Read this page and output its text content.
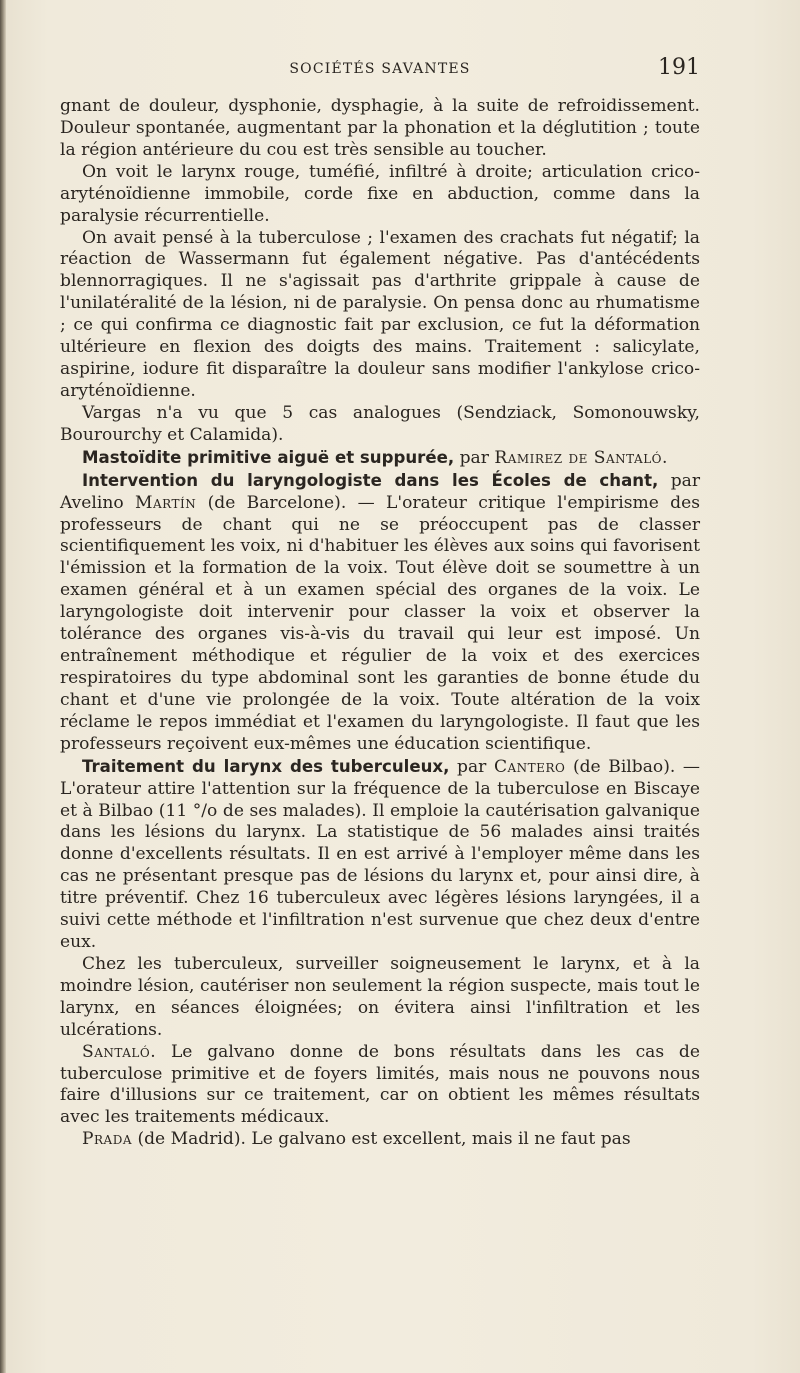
SOCIÉTÉS SAVANTES	191

gnant de douleur, dysphonie, dysphagie, à la suite de refroidissement. Douleur spontanée, augmentant par la phonation et la déglutition ; toute la région antérieure du cou est très sensible au toucher.

On voit le larynx rouge, tuméfié, infiltré à droite; articulation crico-aryténoïdienne immobile, corde fixe en abduction, comme dans la paralysie récurrentielle.

On avait pensé à la tuberculose ; l'examen des crachats fut négatif; la réaction de Wassermann fut également négative. Pas d'antécédents blennorragiques. Il ne s'agissait pas d'arthrite grippale à cause de l'unilatéralité de la lésion, ni de paralysie. On pensa donc au rhumatisme ; ce qui confirma ce diagnostic fait par exclusion, ce fut la déformation ultérieure en flexion des doigts des mains. Traitement : salicylate, aspirine, iodure fit disparaître la douleur sans modifier l'ankylose crico-aryténoïdienne.

Vargas n'a vu que 5 cas analogues (Sendziack, Somonouwsky, Bourourchy et Calamida).

Mastoïdite primitive aiguë et suppurée, par Ramirez de Santaló.

Intervention du laryngologiste dans les Écoles de chant, par Avelino Martín (de Barcelone). — L'orateur critique l'empirisme des professeurs de chant qui ne se préoccupent pas de classer scientifiquement les voix, ni d'habituer les élèves aux soins qui favorisent l'émission et la formation de la voix. Tout élève doit se soumettre à un examen général et à un examen spécial des organes de la voix. Le laryngologiste doit intervenir pour classer la voix et observer la tolérance des organes vis-à-vis du travail qui leur est imposé. Un entraînement méthodique et régulier de la voix et des exercices respiratoires du type abdominal sont les garanties de bonne étude du chant et d'une vie prolongée de la voix. Toute altération de la voix réclame le repos immédiat et l'examen du laryngologiste. Il faut que les professeurs reçoivent eux-mêmes une éducation scientifique.

Traitement du larynx des tuberculeux, par Cantero (de Bilbao). — L'orateur attire l'attention sur la fréquence de la tuberculose en Biscaye et à Bilbao (11 °/o de ses malades). Il emploie la cautérisation galvanique dans les lésions du larynx. La statistique de 56 malades ainsi traités donne d'excellents résultats. Il en est arrivé à l'employer même dans les cas ne présentant presque pas de lésions du larynx et, pour ainsi dire, à titre préventif. Chez 16 tuberculeux avec légères lésions laryngées, il a suivi cette méthode et l'infiltration n'est survenue que chez deux d'entre eux.

Chez les tuberculeux, surveiller soigneusement le larynx, et à la moindre lésion, cautériser non seulement la région suspecte, mais tout le larynx, en séances éloignées; on évitera ainsi l'infiltration et les ulcérations.

Santaló. Le galvano donne de bons résultats dans les cas de tuberculose primitive et de foyers limités, mais nous ne pouvons nous faire d'illusions sur ce traitement, car on obtient les mêmes résultats avec les traitements médicaux.

Prada (de Madrid). Le galvano est excellent, mais il ne faut pas
